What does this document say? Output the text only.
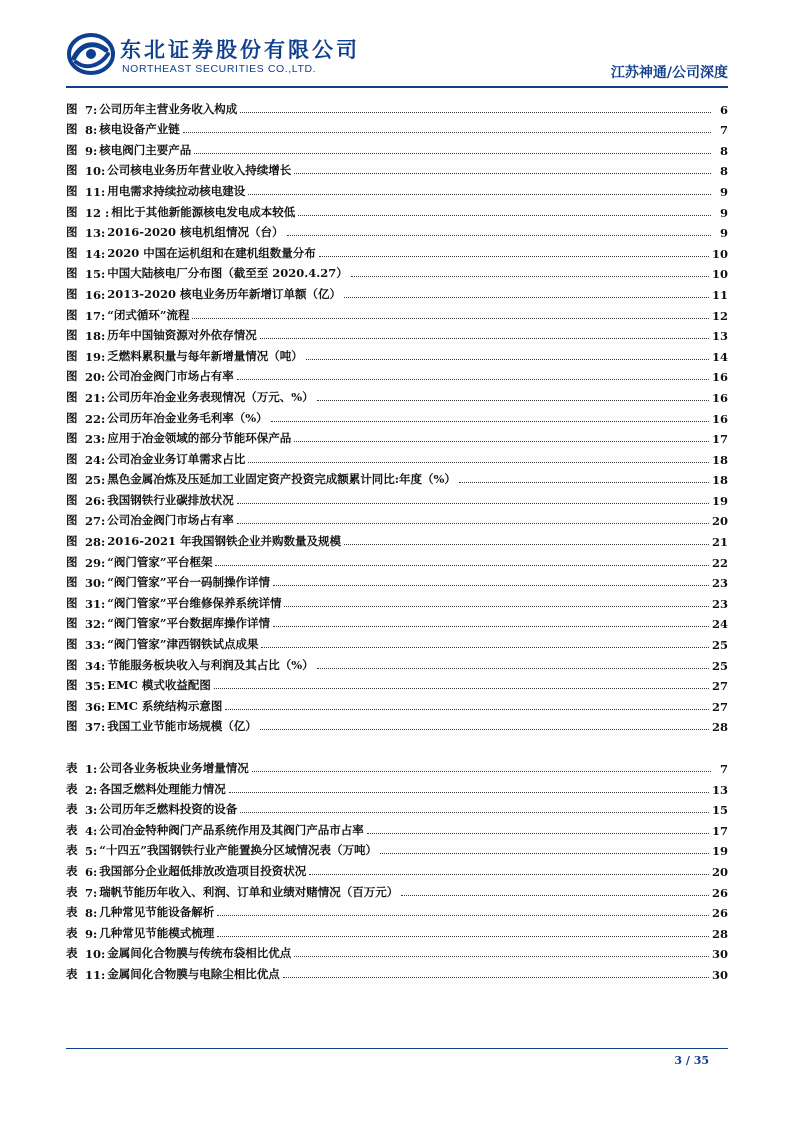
东北证券股份有限公司
NORTHEAST SECURITIES CO.,LTD.	江苏神通/公司深度
图 7: 公司历年主营业务收入构成	6
图 8: 核电设备产业链	7
图 9: 核电阀门主要产品	8
图 10: 公司核电业务历年营业收入持续增长	8
图 11: 用电需求持续拉动核电建设	9
图 12 : 相比于其他新能源核电发电成本较低	9
图 13: 2016-2020 核电机组情况（台）	9
图 14: 2020 中国在运机组和在建机组数量分布	10
图 15: 中国大陆核电厂分布图（截至至 2020.4.27）	10
图 16: 2013-2020 核电业务历年新增订单额（亿）	11
图 17: “闭式循环”流程	12
图 18: 历年中国铀资源对外依存情况	13
图 19: 乏燃料累积量与每年新增量情况（吨）	14
图 20: 公司冶金阀门市场占有率	16
图 21: 公司历年冶金业务表现情况（万元、%）	16
图 22: 公司历年冶金业务毛利率（%）	16
图 23: 应用于冶金领域的部分节能环保产品	17
图 24: 公司冶金业务订单需求占比	18
图 25: 黑色金属冶炼及压延加工业固定资产投资完成额累计同比:年度（%）	18
图 26: 我国钢铁行业碳排放状况	19
图 27: 公司冶金阀门市场占有率	20
图 28: 2016-2021 年我国钢铁企业并购数量及规模	21
图 29: “阀门管家”平台框架	22
图 30: “阀门管家”平台一码制操作详情	23
图 31: “阀门管家”平台维修保养系统详情	23
图 32: “阀门管家”平台数据库操作详情	24
图 33: “阀门管家”津西钢铁试点成果	25
图 34: 节能服务板块收入与利润及其占比（%）	25
图 35: EMC 模式收益配图	27
图 36: EMC 系统结构示意图	27
图 37: 我国工业节能市场规模（亿）	28
表 1: 公司各业务板块业务增量情况	7
表 2: 各国乏燃料处理能力情况	13
表 3: 公司历年乏燃料投资的设备	15
表 4: 公司冶金特种阀门产品系统作用及其阀门产品市占率	17
表 5: “十四五”我国钢铁行业产能置换分区域情况表（万吨）	19
表 6: 我国部分企业超低排放改造项目投资状况	20
表 7: 瑞帆节能历年收入、利润、订单和业绩对赌情况（百万元）	26
表 8: 几种常见节能设备解析	26
表 9: 几种常见节能模式梳理	28
表 10: 金属间化合物膜与传统布袋相比优点	30
表 11: 金属间化合物膜与电除尘相比优点	30
3 / 35
